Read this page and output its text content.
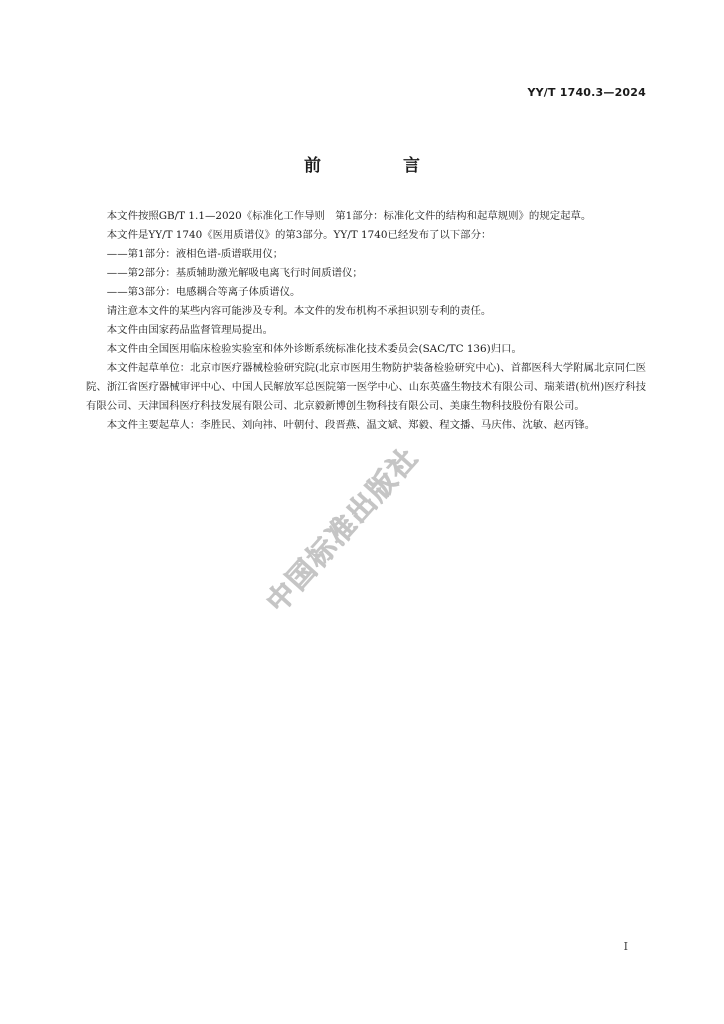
YY/T 1740.3—2024
前 言

本文件按照GB/T 1.1—2020《标准化工作导则　第1部分：标准化文件的结构和起草规则》的规定起草。

本文件是YY/T 1740《医用质谱仪》的第3部分。YY/T 1740已经发布了以下部分：

——第1部分：液相色谱-质谱联用仪；

——第2部分：基质辅助激光解吸电离飞行时间质谱仪；

——第3部分：电感耦合等离子体质谱仪。

请注意本文件的某些内容可能涉及专利。本文件的发布机构不承担识别专利的责任。

本文件由国家药品监督管理局提出。

本文件由全国医用临床检验实验室和体外诊断系统标准化技术委员会(SAC/TC 136)归口。

本文件起草单位：北京市医疗器械检验研究院(北京市医用生物防护装备检验研究中心)、首都医科大学附属北京同仁医院、浙江省医疗器械审评中心、中国人民解放军总医院第一医学中心、山东英盛生物技术有限公司、瑞莱谱(杭州)医疗科技有限公司、天津国科医疗科技发展有限公司、北京毅新博创生物科技有限公司、美康生物科技股份有限公司。

本文件主要起草人：李胜民、刘向祎、叶朝付、段晋燕、温文斌、郑毅、程文播、马庆伟、沈敏、赵丙锋。

中国标准出版社
I
